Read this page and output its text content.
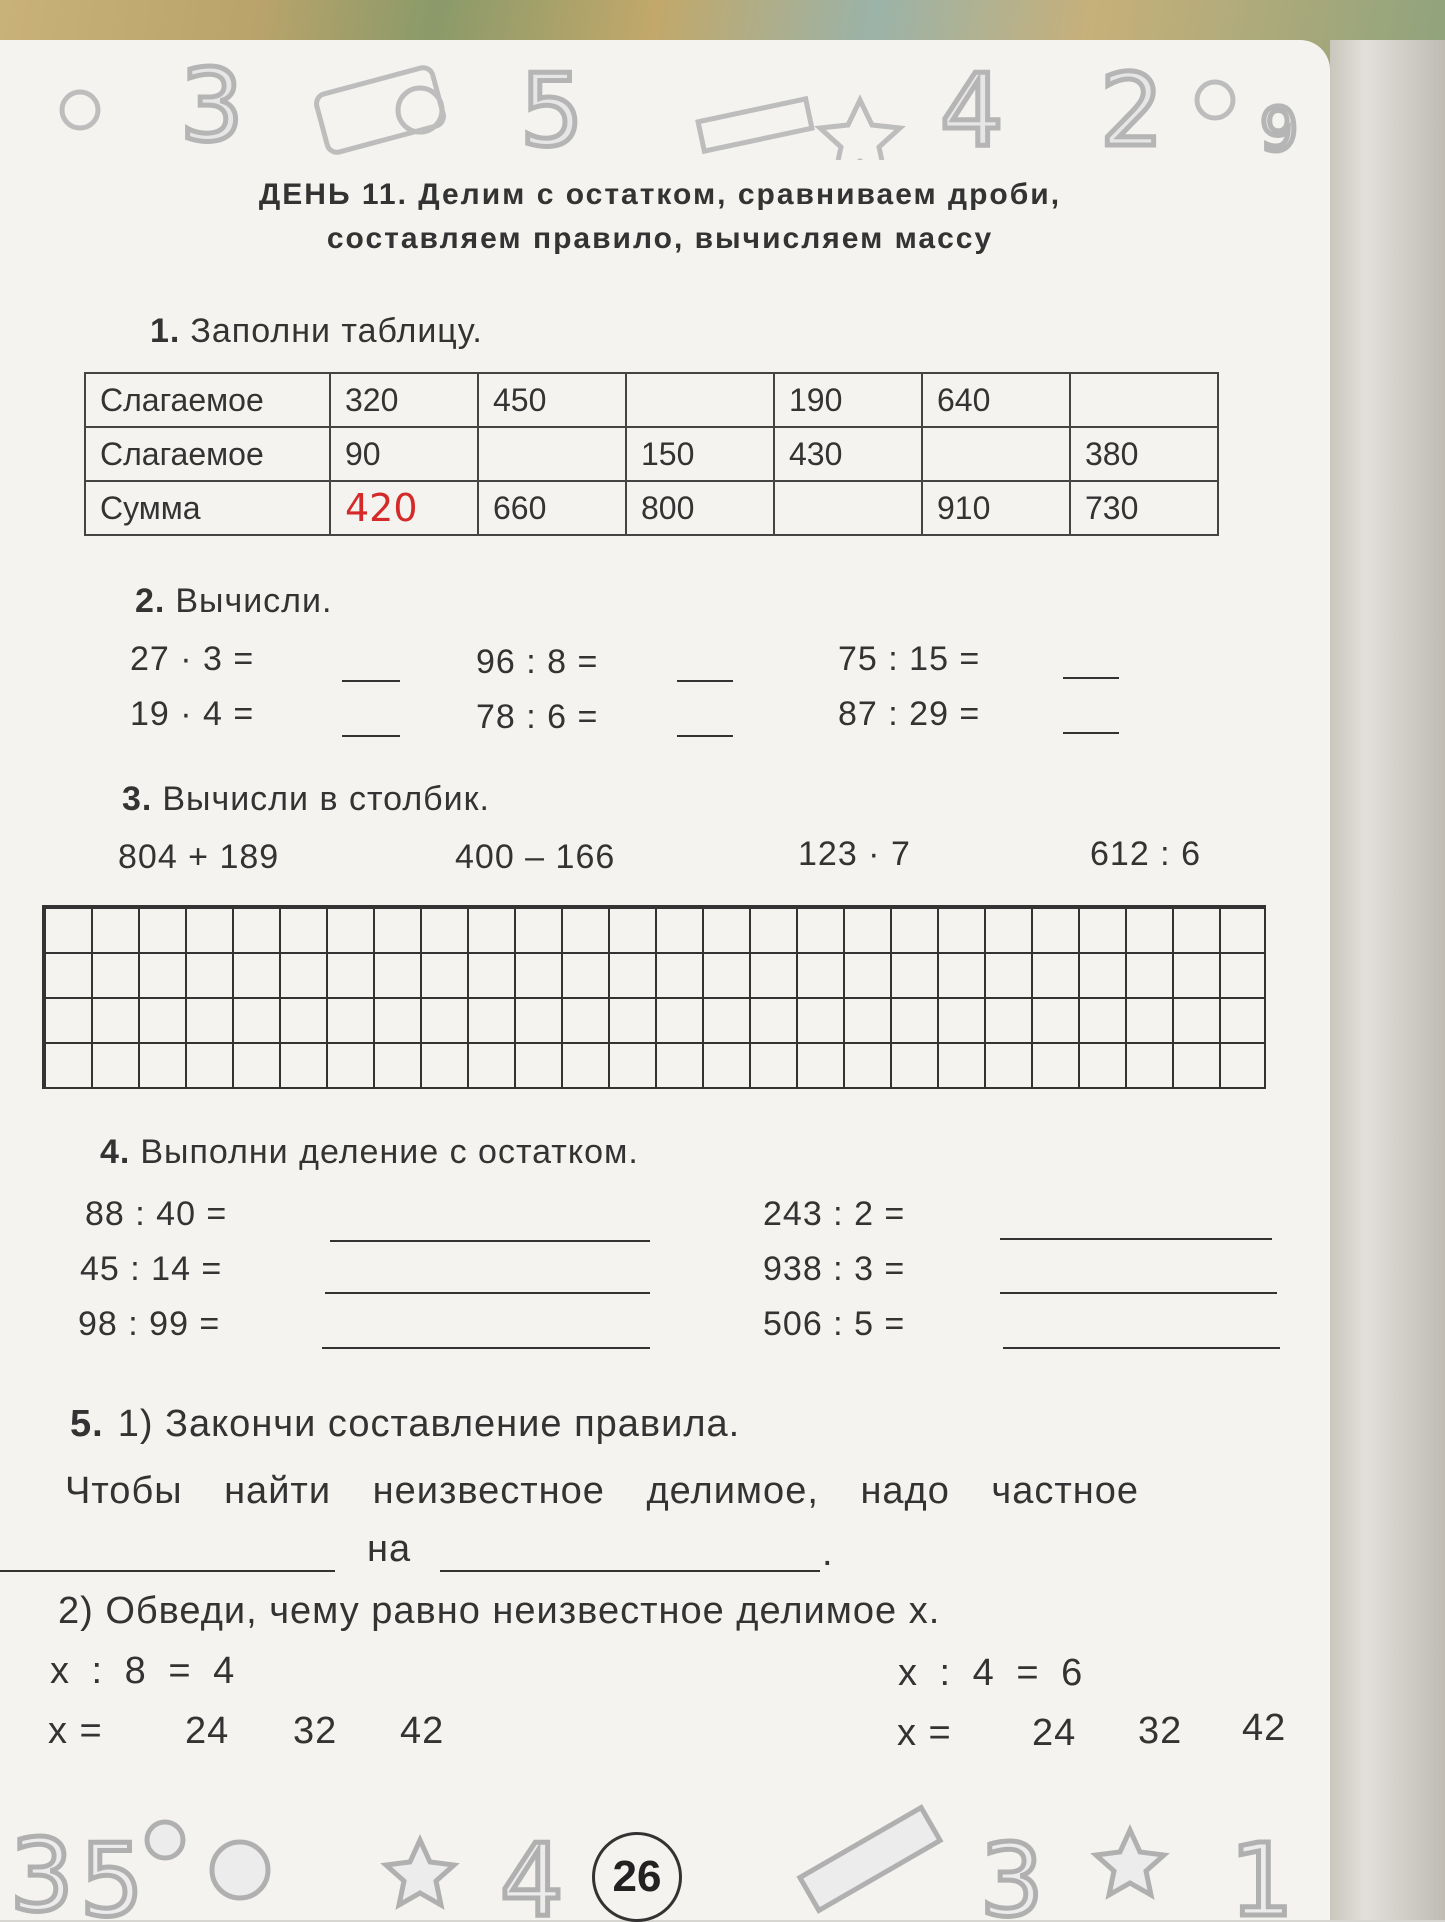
3	5	4 2 9
ДЕНЬ 11. Делим с остатком, сравниваем дроби,
составляем правило, вычисляем массу
1. Заполни таблицу.
Слагаемое	320	450		190	640	
Слагаемое	90		150	430		380
Сумма	420	660	800		910	730
2. Вычисли.
27 · 3 =
19 · 4 =
96 : 8 =
78 : 6 =
75 : 15 =
87 : 29 =
3. Вычисли в столбик.
804 + 189	400 – 166	123 · 7	612 : 6
4. Выполни деление с остатком.
88 : 40 =
45 : 14 =
98 : 99 =
243 : 2 =
938 : 3 =
506 : 5 =
5. 1) Закончи составление правила.
Чтобы найти неизвестное делимое, надо частное
на	.
2) Обведи, чему равно неизвестное делимое x.
x : 8 = 4	x : 4 = 6
x = 24 32 42	x = 24 32 42
3 5	4	3 1
26
